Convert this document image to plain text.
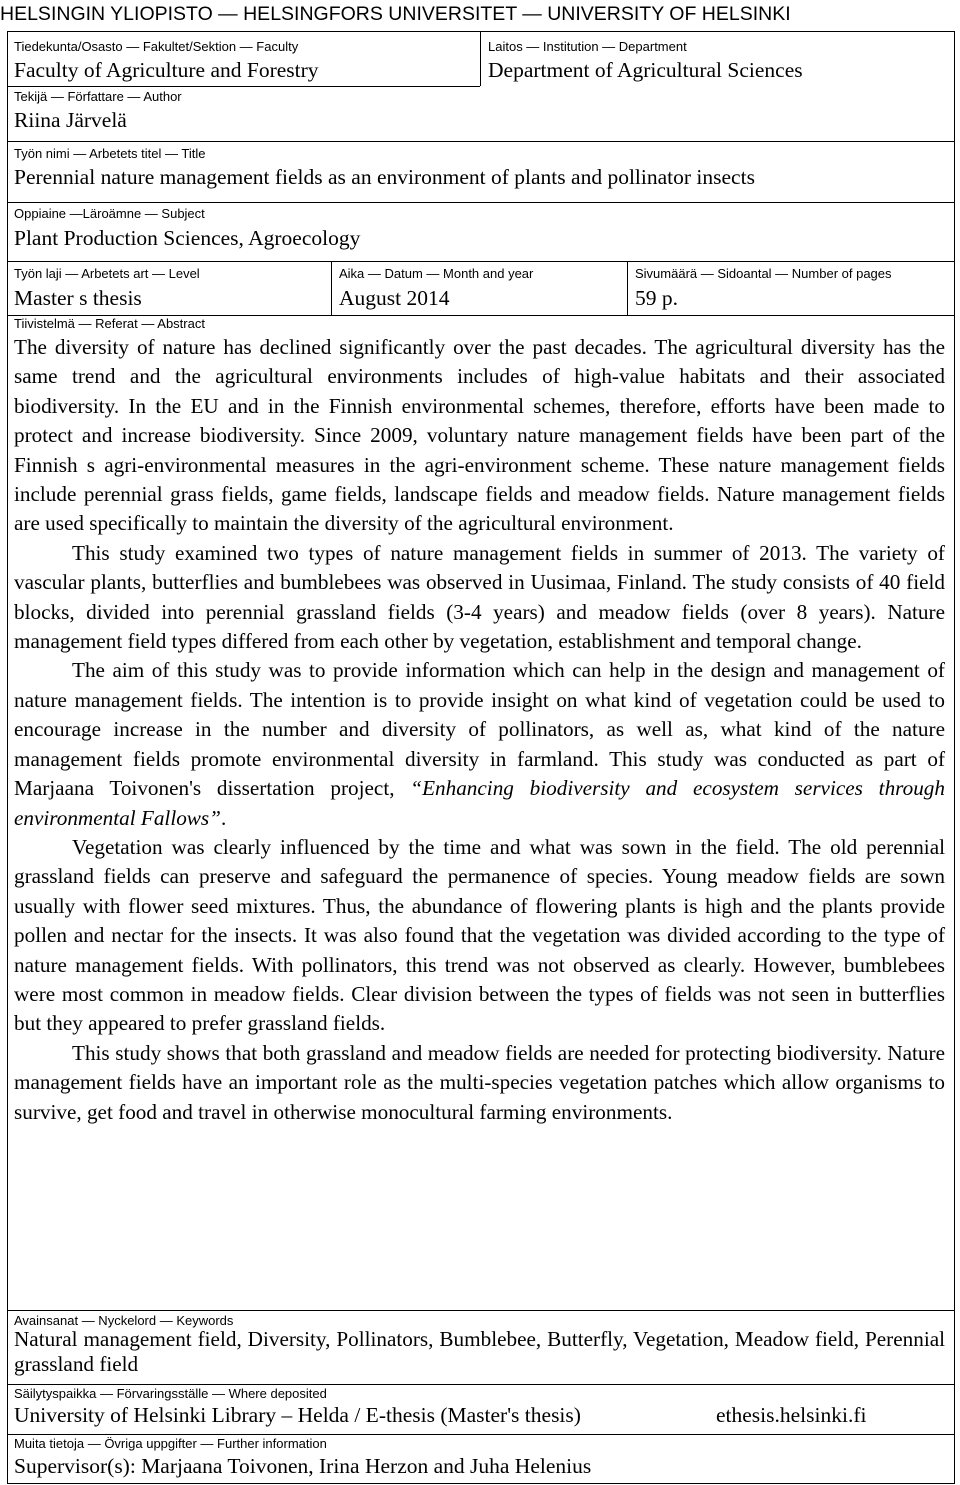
HELSINGIN YLIOPISTO — HELSINGFORS UNIVERSITET — UNIVERSITY OF HELSINKI
Tiedekunta/Osasto — Fakultet/Sektion — Faculty
Faculty of Agriculture and Forestry
Laitos — Institution — Department
Department of Agricultural Sciences
Tekijä — Författare — Author
Riina Järvelä
Työn nimi — Arbetets titel — Title
Perennial nature management fields as an environment of plants and pollinator insects
Oppiaine —Läroämne — Subject
Plant Production Sciences, Agroecology
Työn laji — Arbetets art — Level
Master s thesis
Aika — Datum — Month and year
August 2014
Sivumäärä — Sidoantal — Number of pages
59 p.
Tiivistelmä — Referat — Abstract

The diversity of nature has declined significantly over the past decades. The agricultural diversity has the same trend and the agricultural environments includes of high-value habitats and their associated biodiversity. In the EU and in the Finnish environmental schemes, therefore, efforts have been made to protect and increase biodiversity. Since 2009, voluntary nature management fields have been part of the Finnish s agri-environmental measures in the agri-environment scheme. These nature management fields include perennial grass fields, game fields, landscape fields and meadow fields. Nature management fields are used specifically to maintain the diversity of the agricultural environment.

This study examined two types of nature management fields in summer of 2013. The variety of vascular plants, butterflies and bumblebees was observed in Uusimaa, Finland. The study consists of 40 field blocks, divided into perennial grassland fields (3-4 years) and meadow fields (over 8 years). Nature management field types differed from each other by vegetation, establishment and temporal change.

The aim of this study was to provide information which can help in the design and management of nature management fields. The intention is to provide insight on what kind of vegetation could be used to encourage increase in the number and diversity of pollinators, as well as, what kind of the nature management fields promote environmental diversity in farmland. This study was conducted as part of Marjaana Toivonen's dissertation project, “Enhancing biodiversity and ecosystem services through environmental Fallows”.

Vegetation was clearly influenced by the time and what was sown in the field. The old perennial grassland fields can preserve and safeguard the permanence of species. Young meadow fields are sown usually with flower seed mixtures. Thus, the abundance of flowering plants is high and the plants provide pollen and nectar for the insects. It was also found that the vegetation was divided according to the type of nature management fields. With pollinators, this trend was not observed as clearly. However, bumblebees were most common in meadow fields. Clear division between the types of fields was not seen in butterflies but they appeared to prefer grassland fields.

This study shows that both grassland and meadow fields are needed for protecting biodiversity. Nature management fields have an important role as the multi-species vegetation patches which allow organisms to survive, get food and travel in otherwise monocultural farming environments.

Avainsanat — Nyckelord — Keywords
Natural management field, Diversity, Pollinators, Bumblebee, Butterfly, Vegetation, Meadow field, Perennial grassland field
Säilytyspaikka — Förvaringsställe — Where deposited
University of Helsinki Library – Helda / E-thesis (Master's thesis)	ethesis.helsinki.fi
Muita tietoja — Övriga uppgifter — Further information
Supervisor(s): Marjaana Toivonen, Irina Herzon and Juha Helenius
